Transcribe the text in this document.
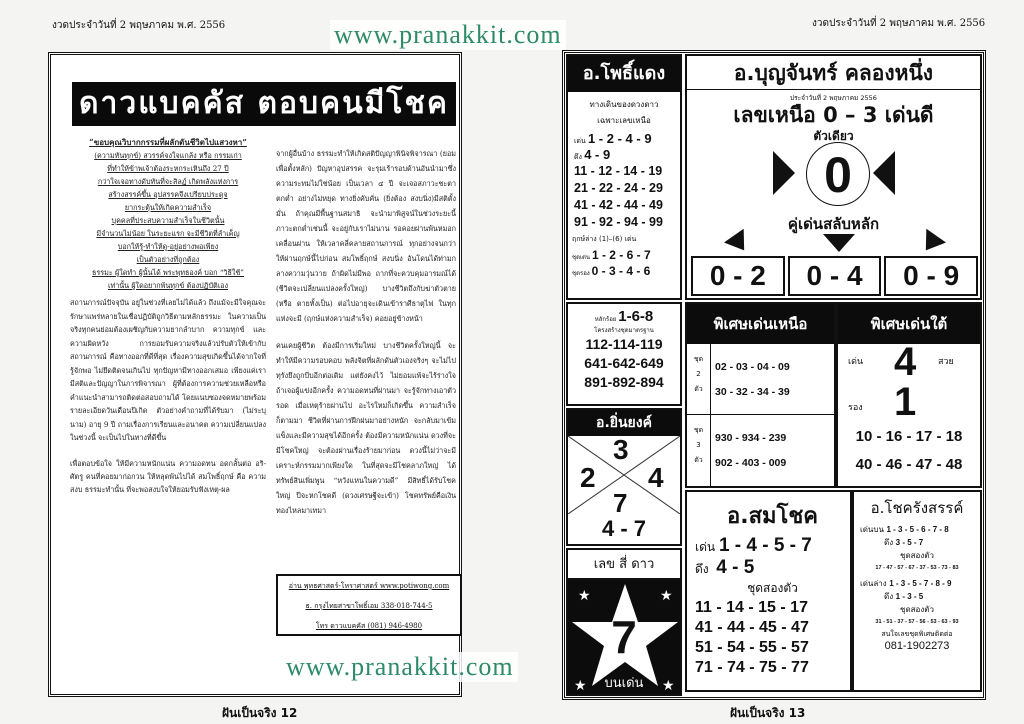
งวดประจำวันที่ 2 พฤษภาคม พ.ศ. 2556	งวดประจำวันที่ 2 พฤษภาคม พ.ศ. 2556
ดาวแบคคัส ตอบคนมีโชค
“ขอบคุณวิบากกรรมที่ผลักดันชีวิตไปแสวงหา”
(ความทันทุกข์) สวรรค์จงใจแกล้ง หรือ กรรมเก่า
ที่ทำให้ข้าพเจ้าต้องระหกระเหินถึง 27 ปี
กว่าใจเจอทางดับทันที่จะสิลฏ์ เกิดพลังแห่งการ
สร้างสรรค์ขึ้น อุปสรรคจึงเปรียบประดุจ
ยากระตุ้นให้เกิดความสำเร็จ
บุคคลที่ประสบความสำเร็จในชีวิตนั้น
มีจำนวนไม่น้อย ในระยะแรก จะมีชีวิตที่ลำเค็ญ
บอกให้รู้-ทำให้ดู-อยู่อย่างพอเพียง
เป็นตัวอย่างที่ถูกต้อง
ธรรมะ ผู้ใดทำ ผู้นั้นได้ พระพุทธองค์ บอก “วิธีใช้”
เท่านั้น ผู้ใดอยากพ้นทุกข์ ต้องปฏิบัติเอง
สถานการณ์ปัจจุบัน อยู่ในช่วงที่เลยไม่ได้แล้ว ถึงแม้จะมีใจคุณจะรักษาแพร่หลายในเชื่อปฏิบัติถูกวิธีตามหลักธรรมะ ในความเป็นจริงทุกคนย่อมต้องเผชิญกับความยากลำบาก ความทุกข์ และความผิดหวัง การยอมรับความจริงแล้วปรับตัวให้เข้ากับสถานการณ์ คือทางออกที่ดีที่สุด เรื่องความสุขเกิดขึ้นได้จากใจที่รู้จักพอ ไม่ยึดติดจนเกินไป ทุกปัญหามีทางออกเสมอ เพียงแค่เรามีสติและปัญญาในการพิจารณา ผู้ที่ต้องการความช่วยเหลือหรือคำแนะนำสามารถติดต่อสอบถามได้ โดยแนบซองจดหมายพร้อมรายละเอียดวันเดือนปีเกิด ตัวอย่างคำถามที่ได้รับมา (ไม่ระบุนาม) อายุ 9 ปี ถามเรื่องการเรียนและอนาคต ความเปลี่ยนแปลงในช่วงนี้ จะเป็นไปในทางที่ดีขึ้น
เพื่อตอบข้อใจ ให้มีความหนักแน่น ความอดทน อดกลั้นต่อ อริ-ศัตรู คนที่คอยมาก่อกวน ให้หลุดพ้นไปได้ สมโพธิ์ฤกษ์ คือ ความสงบ ธรรมะทำนั้น ที่จะพอสงบใจให้ยอมรับฟังเหตุ-ผล
จากผู้อื่นบ้าง ธรรมะทำให้เกิดสติปัญญาพินิจพิจารณา (ยอมเพื่อตั้งหลัก) ปัญหาอุปสรรค จะรุมเร้ารอบด้านอันนำมาซึ่งความระทมไม่ใช่น้อย เป็นเวลา ๔ ปี จะเจอสภาวะชะตาตกต่ำ อย่างไม่หยุด ทางยิ่งคับคั่น (ยิ่งต้อง สงบนิ่ง)มีสติตั้งมั่น ถ้าคุณมีพื้นฐานสมาธิ จะนำมาพิสูจน์ในช่วงระยะนี้ ภาวะตกต่ำเช่นนี้ จะอยู่กับเราไม่นาน รอคอยผ่านพ้นหมอกเคลื่อนผ่าน ให้เวลาคลี่คลายสถานการณ์ ทุกอย่างจนกว่า ให้ผ่านฤกษ์นี้ไปก่อน สมโพธิ์ฤกษ์ สงบนิ่ง อันโดนได้ท่ามกลางความวุ่นวาย ถ้าผิดไม่มีพอ ถากที่จะควบคุมอารมณ์ได้ (ชีวิตจะเปลี่ยนแปลงครั้งใหญ่) บางชีวิตถึงกับฆ่าตัวตาย (หรือ ตายทั้งเป็น) ต่อไปอายุจะเดินเข้าราศีธาตุไฟ ในทุกแห่งจะมี (ฤกษ์แห่งความสำเร็จ) คอยอยู่ข้างหน้า
คนเคยผู้ชีวิต ต้องมีการเริ่มใหม่ บางชีวิตครั้งใหญ่นี้ จะทำให้มีความรอบคอบ พลังจิตที่ผลักดันตัวเองจริงๆ จะไม่ไปทุรังยึงถูกบีบอีกต่อเดิม แต่ยังคงไว้ ไม่ยอมแพ้จะไร้ร่างใจ ถ้าเจอผู้แข่งอีกครั้ง ความอดทนที่ผ่านมา จะรู้จักทางเอาตัวรอด เมื่อเหตุร้ายผ่านไป อะไรใหม่ก็เกิดขึ้น ความสำเร็จก็ตามมา ชีวิตที่ผ่านการฝึกฝนมาอย่างหนัก จะกลับมาเข้มแข็งและมีความสุขได้อีกครั้ง ต้องมีความหนักแน่น ดวงที่จะมีโชคใหญ่ จะต้องผ่านเรื่องร้ายมาก่อน ดวงนี้ไม่ว่าจะมีเคราะห์กรรมมากเพียงใด ในที่สุดจะมีโชคลาภใหญ่ ได้ทรัพย์สินเพิ่มพูน “หวังแหนในความดี” มีสิทธิ์ได้รับโชคใหญ่ ปีจะหกโชคดี (ดวงเศรษฐีจะเข้า) โชคทรัพย์คือเงินทองไหลมาเทมา
อ่าน พุทธศาสตร์-โหราศาสตร์ www.potiwong.com
ธ. กรุงไทยสาขาโพธิ์เอม 338-018-744-5
โทร ดาวแบคคัส (081) 946-4980
ฝันเป็นจริง 12
อ.โพธิ์แดง
ทางเดินของดวงดาว
เฉพาะเลขเหนือ
เด่น 1 - 2 - 4 - 9
ดึง 4 - 9
11 - 12 - 14 - 19
21 - 22 - 24 - 29
41 - 42 - 44 - 49
91 - 92 - 94 - 99
ฤกษ์ล่าง (1)–(6) เด่น
ชุดเด่น 1 - 2 - 6 - 7
ชุดรอง 0 - 3 - 4 - 6
อ.บุญจันทร์ คลองหนึ่ง
ประจำวันที่ 2 พฤษภาคม 2556
เลขเหนือ 0 – 3 เด่นดี
ตัวเดียว
0
คู่เด่นสลับหลัก
0 - 2	0 - 4	0 - 9
หลักร้อย 1-6-8
โครงสร้างชุดมาตรฐาน
112-114-119
641-642-649
891-892-894
อ.ยิ่นยงค์
3
2 4
7
4 - 7
เลข สี่ ดาว
★	★
★	★
7
บนเด่น
พิเศษเด่นเหนือ
ชุด
2
ตัว
02 - 03 - 04 - 09
30 - 32 - 34 - 39
ชุด
3
ตัว
930 - 934 - 239
902 - 403 - 009
พิเศษเด่นใต้
เด่น 4 สวย
รอง 1
10 - 16 - 17 - 18
40 - 46 - 47 - 48
อ.สมโชค
เด่น 1 - 4 - 5 - 7
ดึง 4 - 5
ชุดสองตัว
11 - 14 - 15 - 17
41 - 44 - 45 - 47
51 - 54 - 55 - 57
71 - 74 - 75 - 77
อ.โชครังสรรค์
เด่นบน 1 - 3 - 5 - 6 - 7 - 8
ดึง 3 - 5 - 7
ชุดสองตัว
17 - 47 - 57 - 67 - 37 - 53 - 73 - 83
เด่นล่าง 1 - 3 - 5 - 7 - 8 - 9
ดึง 1 - 3 - 5
ชุดสองตัว
31 - 51 - 37 - 57 - 56 - 53 - 63 - 93
สนใจเลขชุดพิเศษติดต่อ
081-1902273
ฝันเป็นจริง 13
www.pranakkit.com
www.pranakkit.com
